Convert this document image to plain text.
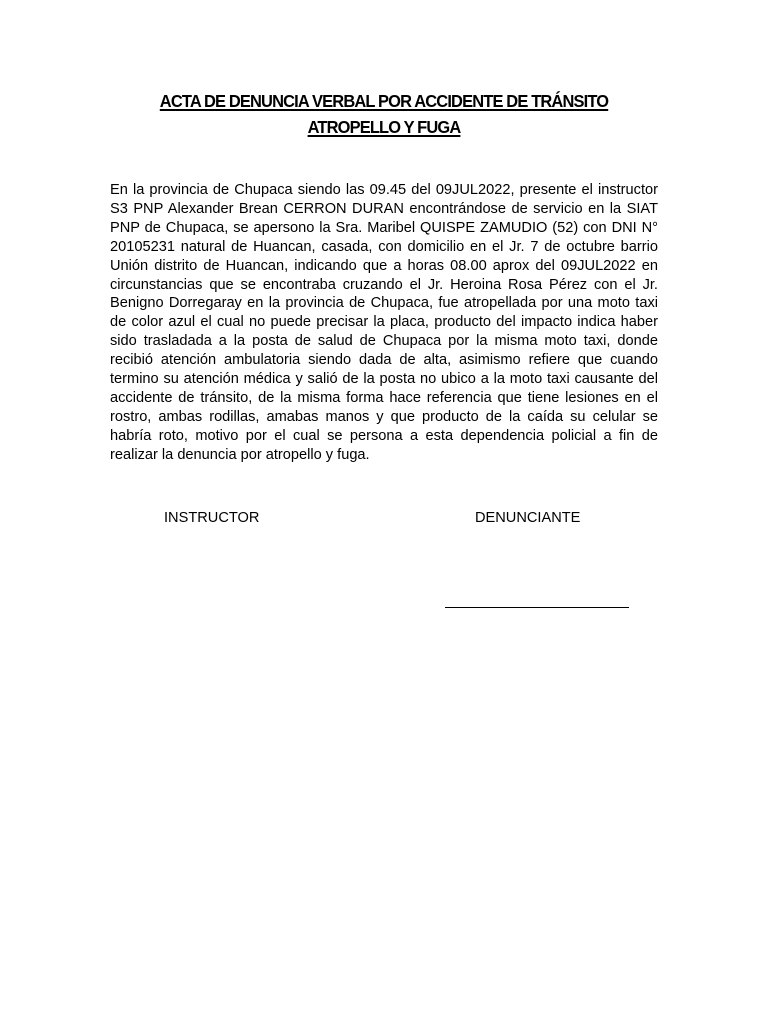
ACTA DE DENUNCIA VERBAL POR ACCIDENTE DE TRÁNSITO ATROPELLO Y FUGA

En la provincia de Chupaca siendo las 09.45 del 09JUL2022, presente el instructor S3 PNP Alexander Brean CERRON DURAN encontrándose de servicio en la SIAT PNP de Chupaca, se apersono la Sra. Maribel QUISPE ZAMUDIO (52) con DNI N° 20105231 natural de Huancan, casada, con domicilio en el Jr. 7 de octubre barrio Unión distrito de Huancan, indicando que a horas 08.00 aprox del 09JUL2022 en circunstancias que se encontraba cruzando el Jr. Heroina Rosa Pérez con el Jr. Benigno Dorregaray en la provincia de Chupaca, fue atropellada por una moto taxi de color azul el cual no puede precisar la placa, producto del impacto indica haber sido trasladada a la posta de salud de Chupaca por la misma moto taxi, donde recibió atención ambulatoria siendo dada de alta, asimismo refiere que cuando termino su atención médica y salió de la posta no ubico a la moto taxi causante del accidente de tránsito, de la misma forma hace referencia que tiene lesiones en el rostro, ambas rodillas, amabas manos y que producto de la caída su celular se habría roto, motivo por el cual se persona a esta dependencia policial a fin de realizar la denuncia por atropello y fuga.

INSTRUCTOR	DENUNCIANTE
